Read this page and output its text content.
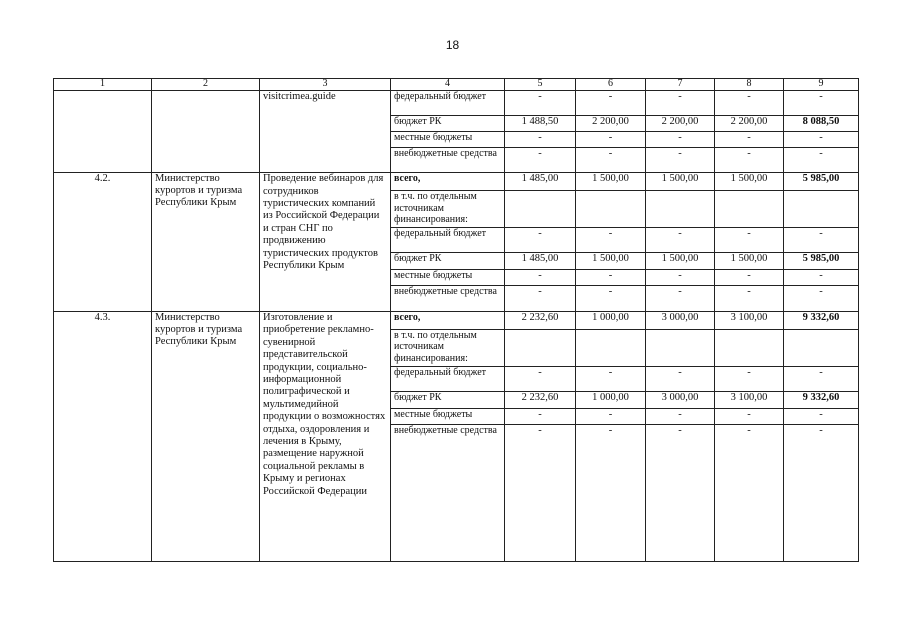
18
1	2	3	4	5	6	7	8	9
		visitcrimea.guide	федеральный бюджет	-	-	-	-	-
			бюджет РК	1 488,50	2 200,00	2 200,00	2 200,00	8 088,50
			местные бюджеты	-	-	-	-	-
			внебюджетные средства	-	-	-	-	-
4.2.	Министерство курортов и туризма Республики Крым	Проведение вебинаров для сотрудников туристических компаний из Российской Федерации и стран СНГ по продвижению туристических продуктов Республики Крым	всего,	1 485,00	1 500,00	1 500,00	1 500,00	5 985,00
			в т.ч. по отдельным источникам финансирования:					
			федеральный бюджет	-	-	-	-	-
			бюджет РК	1 485,00	1 500,00	1 500,00	1 500,00	5 985,00
			местные бюджеты	-	-	-	-	-
			внебюджетные средства	-	-	-	-	-
4.3.	Министерство курортов и туризма Республики Крым	Изготовление и приобретение рекламно-сувенирной представительской продукции, социально-информационной полиграфической и мультимедийной продукции о возможностях отдыха, оздоровления и лечения в Крыму, размещение наружной социальной рекламы в Крыму и регионах Российской Федерации	всего,	2 232,60	1 000,00	3 000,00	3 100,00	9 332,60
			в т.ч. по отдельным источникам финансирования:					
			федеральный бюджет	-	-	-	-	-
			бюджет РК	2 232,60	1 000,00	3 000,00	3 100,00	9 332,60
			местные бюджеты	-	-	-	-	-
			внебюджетные средства	-	-	-	-	-
